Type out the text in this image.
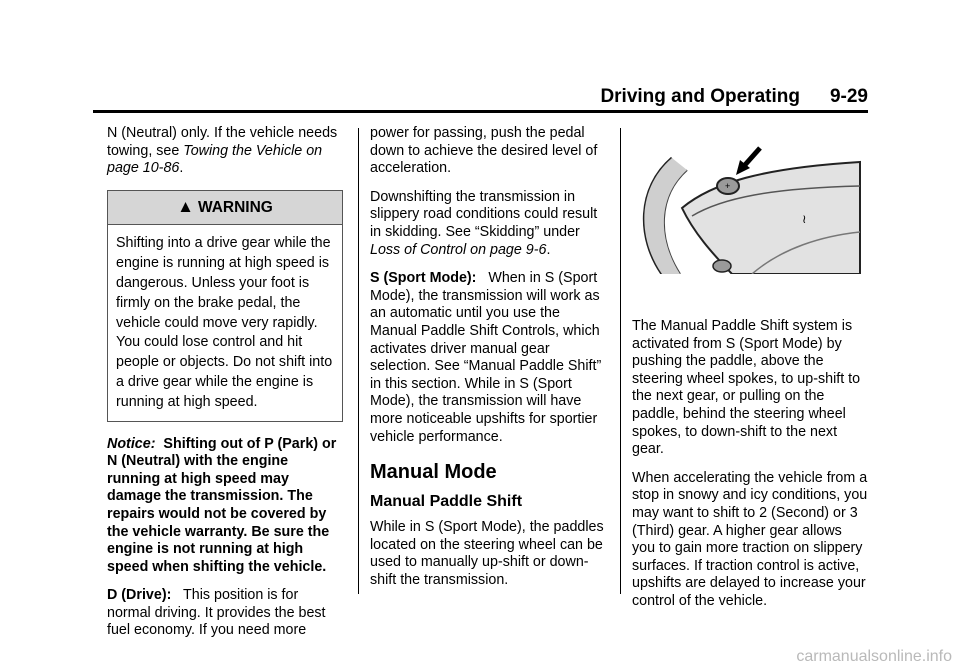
Driving and Operating 9-29

N (Neutral) only. If the vehicle needs towing, see Towing the Vehicle on page 10-86.

▲ WARNING
Shifting into a drive gear while the engine is running at high speed is dangerous. Unless your foot is firmly on the brake pedal, the vehicle could move very rapidly. You could lose control and hit people or objects. Do not shift into a drive gear while the engine is running at high speed.

Notice: Shifting out of P (Park) or N (Neutral) with the engine running at high speed may damage the transmission. The repairs would not be covered by the vehicle warranty. Be sure the engine is not running at high speed when shifting the vehicle.

D (Drive): This position is for normal driving. It provides the best fuel economy. If you need more

power for passing, push the pedal down to achieve the desired level of acceleration.

Downshifting the transmission in slippery road conditions could result in skidding. See “Skidding” under Loss of Control on page 9-6.

S (Sport Mode): When in S (Sport Mode), the transmission will work as an automatic until you use the Manual Paddle Shift Controls, which activates driver manual gear selection. See “Manual Paddle Shift” in this section. While in S (Sport Mode), the transmission will have more noticeable upshifts for sportier vehicle performance.

Manual Mode
Manual Paddle Shift

While in S (Sport Mode), the paddles located on the steering wheel can be used to manually up-shift or down-shift the transmission.

+
≀

The Manual Paddle Shift system is activated from S (Sport Mode) by pushing the paddle, above the steering wheel spokes, to up-shift to the next gear, or pulling on the paddle, behind the steering wheel spokes, to down-shift to the next gear.

When accelerating the vehicle from a stop in snowy and icy conditions, you may want to shift to 2 (Second) or 3 (Third) gear. A higher gear allows you to gain more traction on slippery surfaces. If traction control is active, upshifts are delayed to increase your control of the vehicle.

carmanualsonline.info
